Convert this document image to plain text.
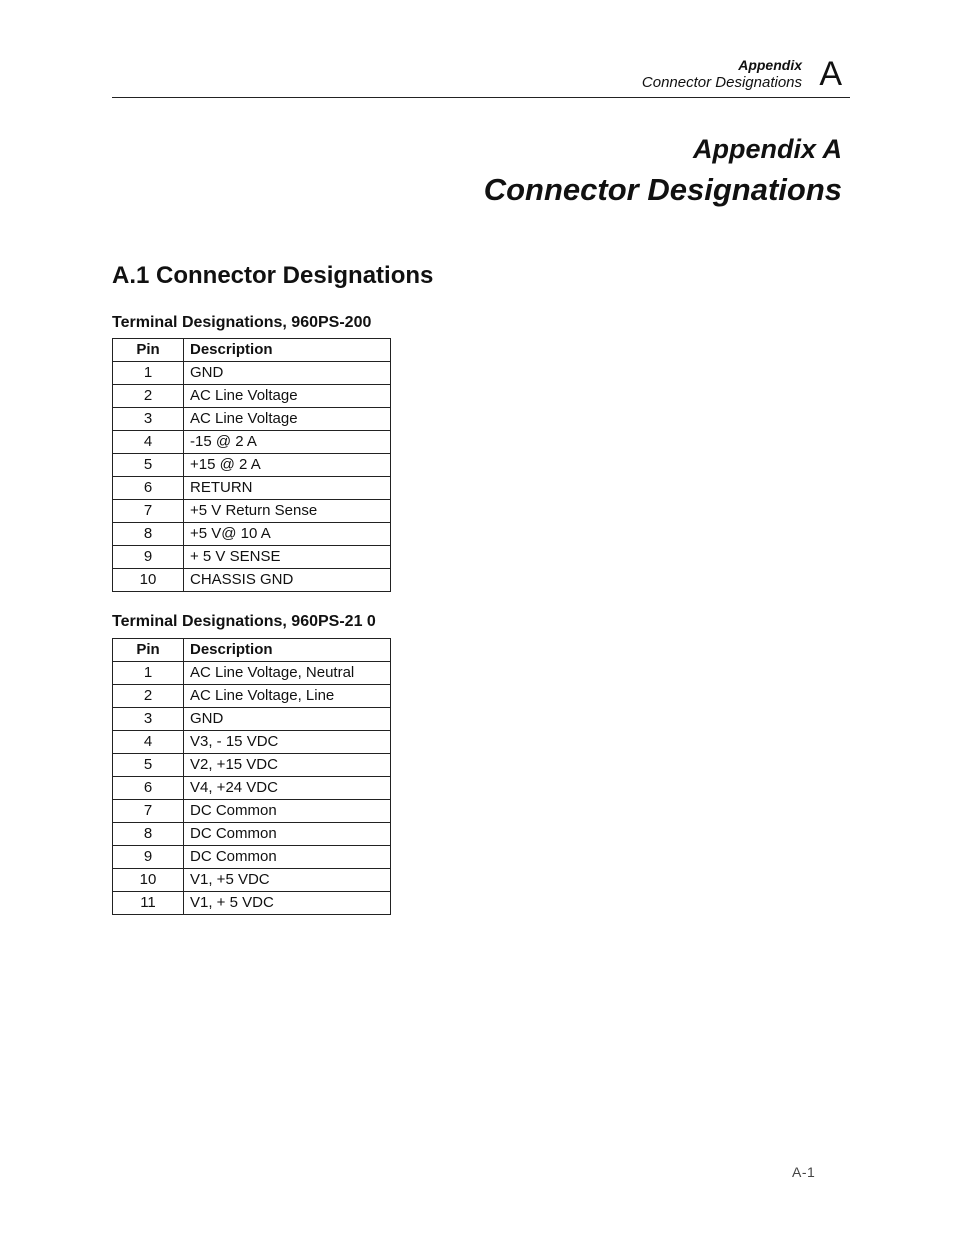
Appendix
Connector Designations A
Appendix A
Connector Designations
A.1 Connector Designations
Terminal Designations, 960PS-200
Pin	Description
1	GND
2	AC Line Voltage
3	AC Line Voltage
4	-15 @ 2 A
5	+15 @ 2 A
6	RETURN
7	+5 V Return Sense
8	+5 V@ 10 A
9	+ 5 V SENSE
10	CHASSIS GND
Terminal Designations, 960PS-21 0
Pin	Description
1	AC Line Voltage, Neutral
2	AC Line Voltage, Line
3	GND
4	V3, - 15 VDC
5	V2, +15 VDC
6	V4, +24 VDC
7	DC Common
8	DC Common
9	DC Common
10	V1, +5 VDC
11	V1, + 5 VDC
A-1
